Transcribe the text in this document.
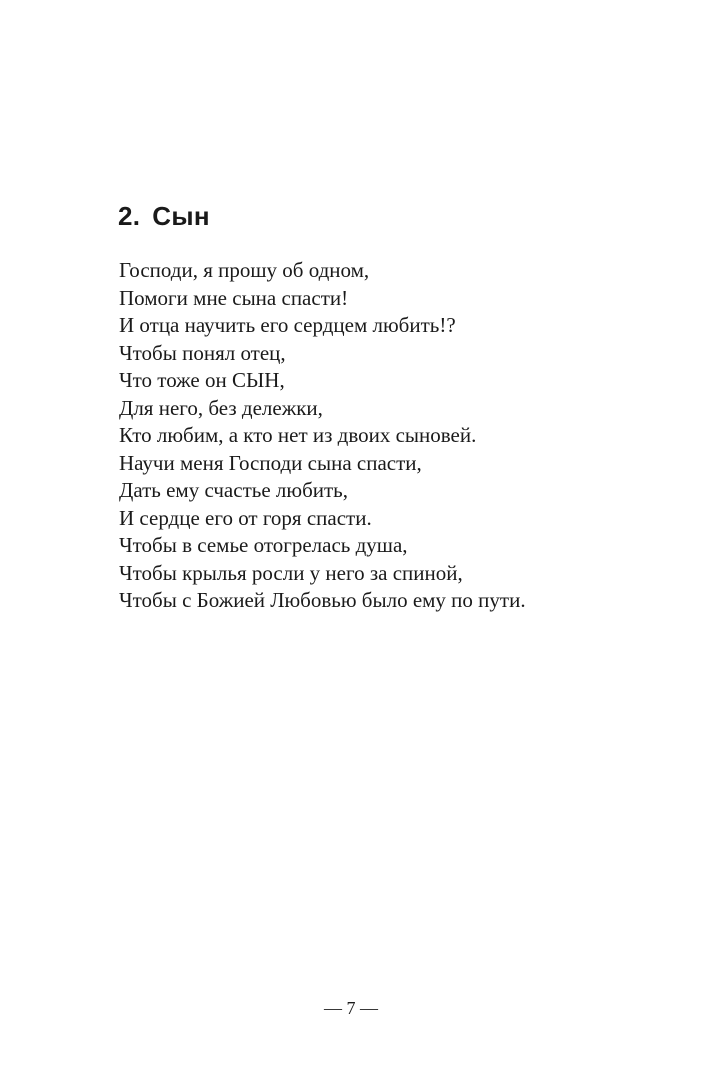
2. Сын
Господи, я прошу об одном,
Помоги мне сына спасти!
И отца научить его сердцем любить!?
Чтобы понял отец,
Что тоже он СЫН,
Для него, без дележки,
Кто любим, а кто нет из двоих сыновей.
Научи меня Господи сына спасти,
Дать ему счастье любить,
И сердце его от горя спасти.
Чтобы в семье отогрелась душа,
Чтобы крылья росли у него за спиной,
Чтобы с Божией Любовью было ему по пути.
— 7 —
